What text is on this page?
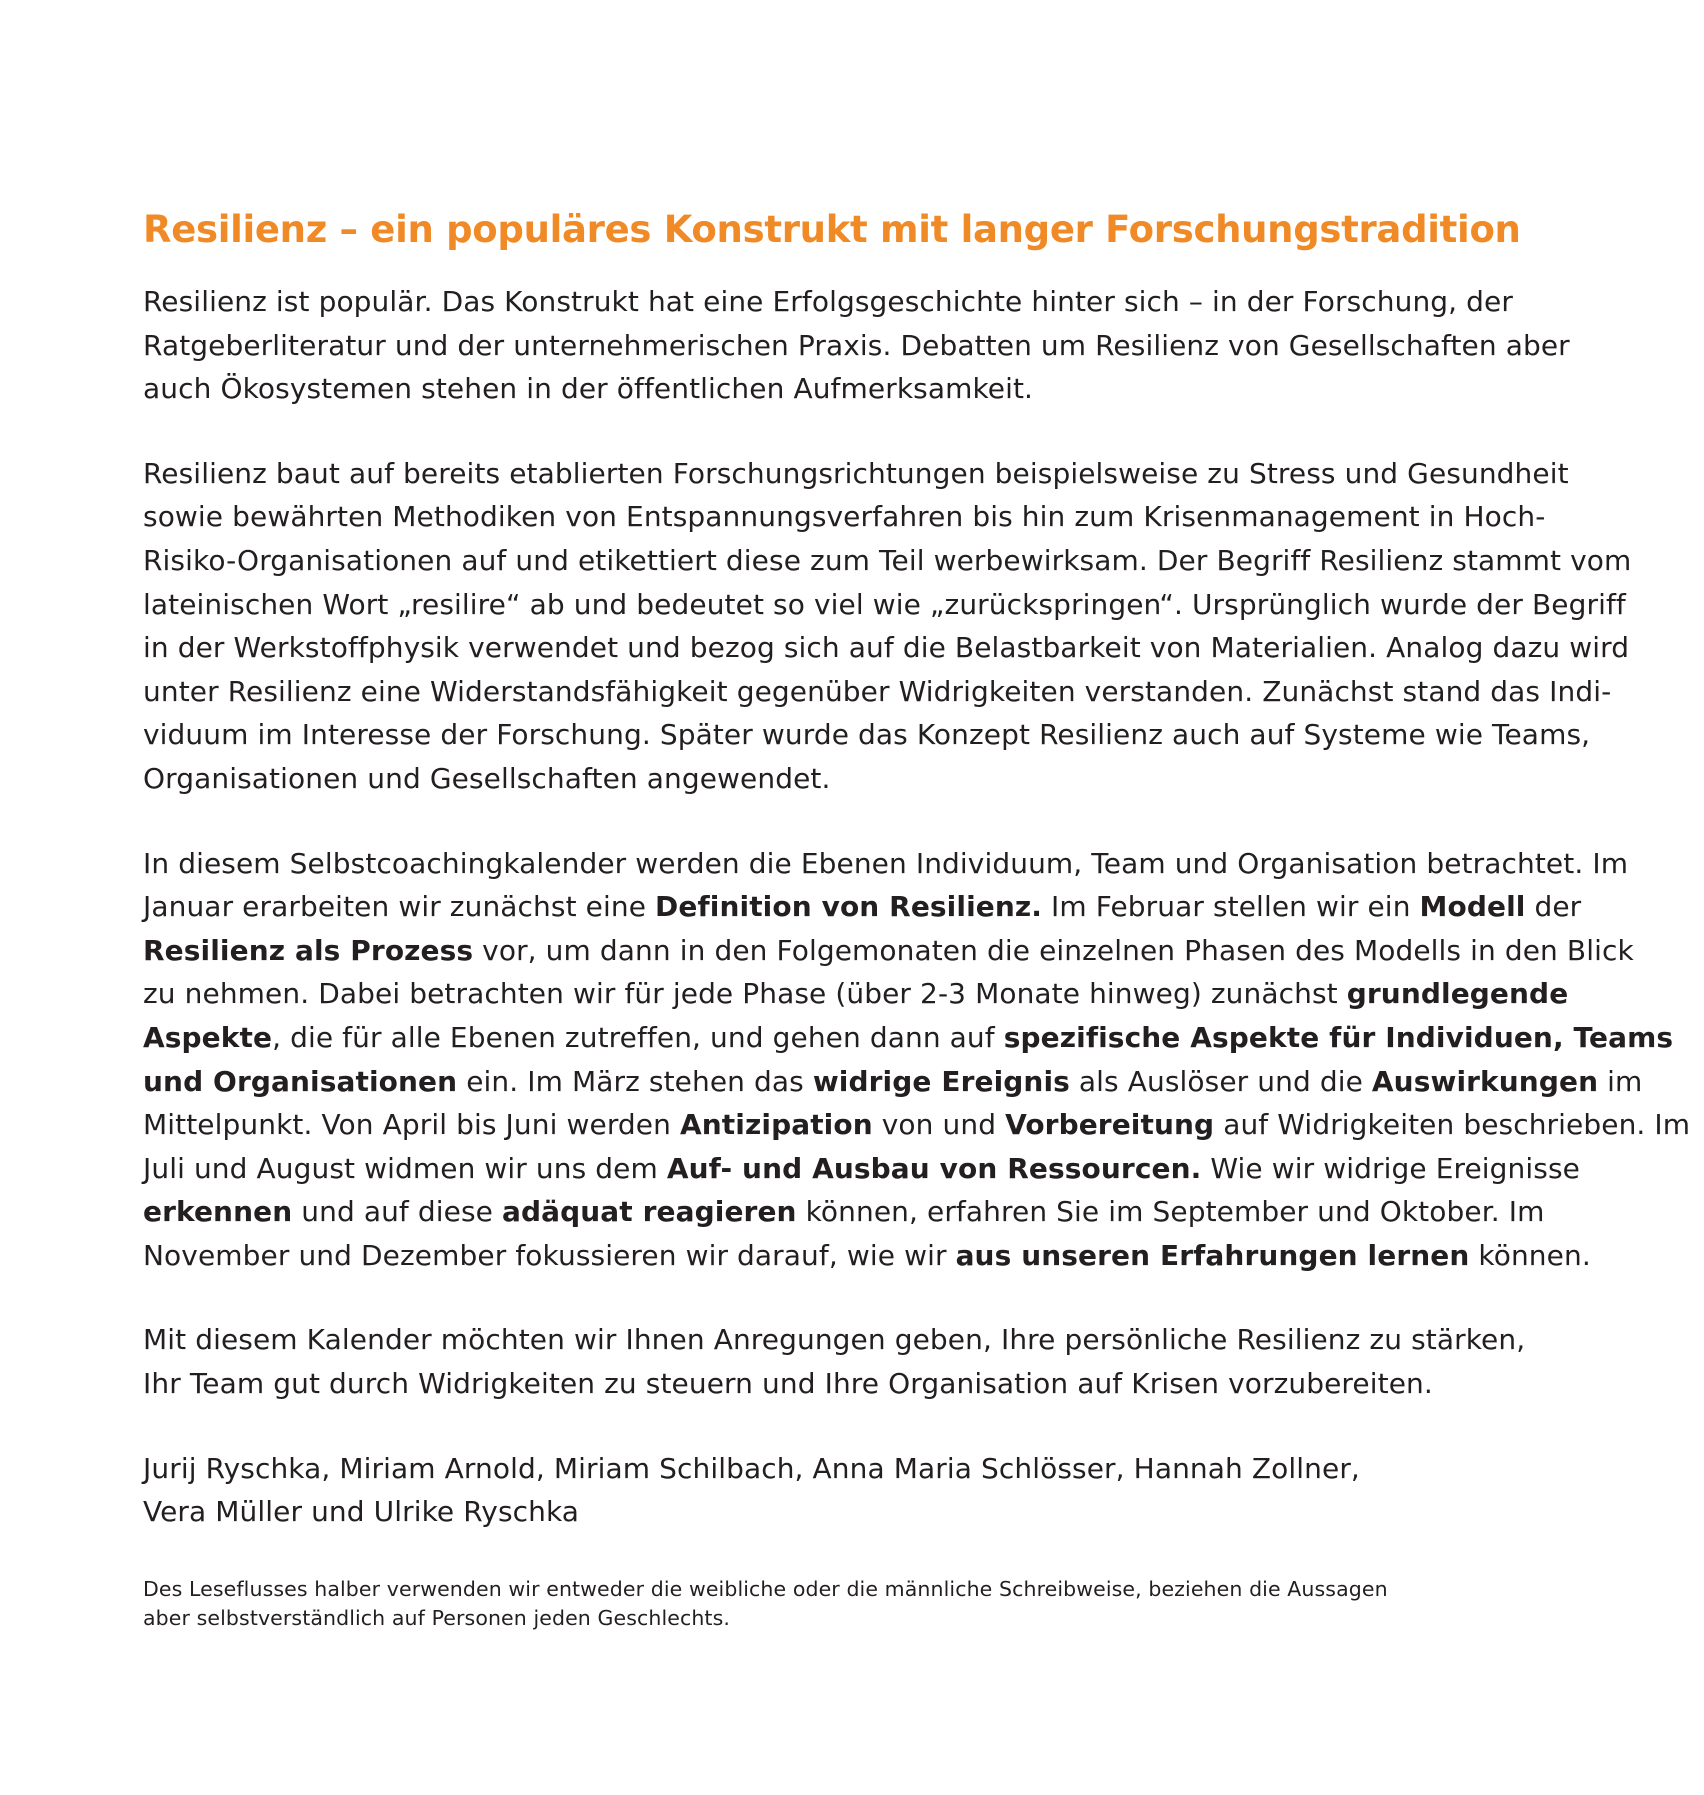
Resilienz – ein populäres Konstrukt mit langer Forschungstradition

Resilienz ist populär. Das Konstrukt hat eine Erfolgsgeschichte hinter sich – in der Forschung, der
Ratgeberliteratur und der unternehmerischen Praxis. Debatten um Resilienz von Gesellschaften aber
auch Ökosystemen stehen in der öffentlichen Aufmerksamkeit.

Resilienz baut auf bereits etablierten Forschungsrichtungen beispielsweise zu Stress und Gesundheit
sowie bewährten Methodiken von Entspannungsverfahren bis hin zum Krisenmanagement in Hoch-
Risiko-Organisationen auf und etikettiert diese zum Teil werbewirksam. Der Begriff Resilienz stammt vom
lateinischen Wort „resilire“ ab und bedeutet so viel wie „zurückspringen“. Ursprünglich wurde der Begriff
in der Werkstoffphysik verwendet und bezog sich auf die Belastbarkeit von Materialien. Analog dazu wird
unter Resilienz eine Widerstandsfähigkeit gegenüber Widrigkeiten verstanden. Zunächst stand das Indi-
viduum im Interesse der Forschung. Später wurde das Konzept Resilienz auch auf Systeme wie Teams,
Organisationen und Gesellschaften angewendet.

In diesem Selbstcoachingkalender werden die Ebenen Individuum, Team und Organisation betrachtet. Im
Januar erarbeiten wir zunächst eine Definition von Resilienz. Im Februar stellen wir ein Modell der
Resilienz als Prozess vor, um dann in den Folgemonaten die einzelnen Phasen des Modells in den Blick
zu nehmen. Dabei betrachten wir für jede Phase (über 2-3 Monate hinweg) zunächst grundlegende
Aspekte, die für alle Ebenen zutreffen, und gehen dann auf spezifische Aspekte für Individuen, Teams
und Organisationen ein. Im März stehen das widrige Ereignis als Auslöser und die Auswirkungen im
Mittelpunkt. Von April bis Juni werden Antizipation von und Vorbereitung auf Widrigkeiten beschrieben. Im
Juli und August widmen wir uns dem Auf- und Ausbau von Ressourcen. Wie wir widrige Ereignisse
erkennen und auf diese adäquat reagieren können, erfahren Sie im September und Oktober. Im
November und Dezember fokussieren wir darauf, wie wir aus unseren Erfahrungen lernen können.

Mit diesem Kalender möchten wir Ihnen Anregungen geben, Ihre persönliche Resilienz zu stärken,
Ihr Team gut durch Widrigkeiten zu steuern und Ihre Organisation auf Krisen vorzubereiten.

Jurij Ryschka, Miriam Arnold, Miriam Schilbach, Anna Maria Schlösser, Hannah Zollner,
Vera Müller und Ulrike Ryschka

Des Leseflusses halber verwenden wir entweder die weibliche oder die männliche Schreibweise, beziehen die Aussagen
aber selbstverständlich auf Personen jeden Geschlechts.
